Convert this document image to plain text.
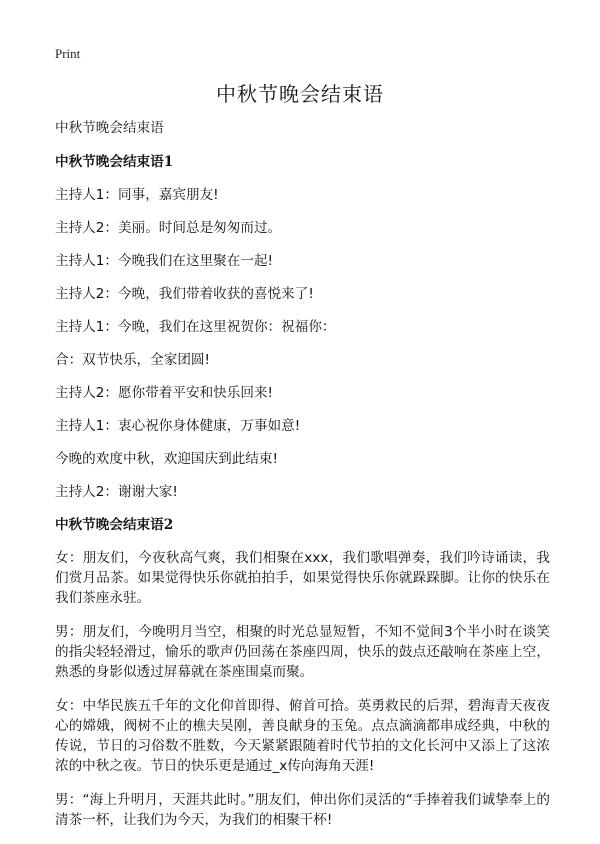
Print
中秋节晚会结束语
中秋节晚会结束语
中秋节晚会结束语1
主持人1：同事，嘉宾朋友!
主持人2：美丽。时间总是匆匆而过。
主持人1：今晚我们在这里聚在一起!
主持人2：今晚，我们带着收获的喜悦来了!
主持人1：今晚，我们在这里祝贺你：祝福你：
合：双节快乐，全家团圆!
主持人2：愿你带着平安和快乐回来!
主持人1：衷心祝你身体健康，万事如意!
今晚的欢度中秋，欢迎国庆到此结束!
主持人2：谢谢大家!
中秋节晚会结束语2
女：朋友们，今夜秋高气爽，我们相聚在xxx，我们歌唱弹奏，我们吟诗诵读，我们赏月品茶。如果觉得快乐你就拍拍手，如果觉得快乐你就跺跺脚。让你的快乐在我们茶座永驻。
男：朋友们，今晚明月当空，相聚的时光总显短暂，不知不觉间3个半小时在谈笑的指尖轻轻滑过，愉乐的歌声仍回荡在茶座四周，快乐的鼓点还敲响在茶座上空，熟悉的身影似透过屏幕就在茶座围桌而聚。
女：中华民族五千年的文化仰首即得、俯首可拾。英勇救民的后羿，碧海青天夜夜心的嫦娥，阀树不止的樵夫吴刚，善良献身的玉兔。点点滴滴都串成经典，中秋的传说，节日的习俗数不胜数，今天紧紧跟随着时代节拍的文化长河中又添上了这浓浓的中秋之夜。节日的快乐更是通过_x传向海角天涯!
男：“海上升明月，天涯共此时。”朋友们，伸出你们灵活的“手捧着我们诚挚奉上的清茶一杯，让我们为今天，为我们的相聚干杯!
